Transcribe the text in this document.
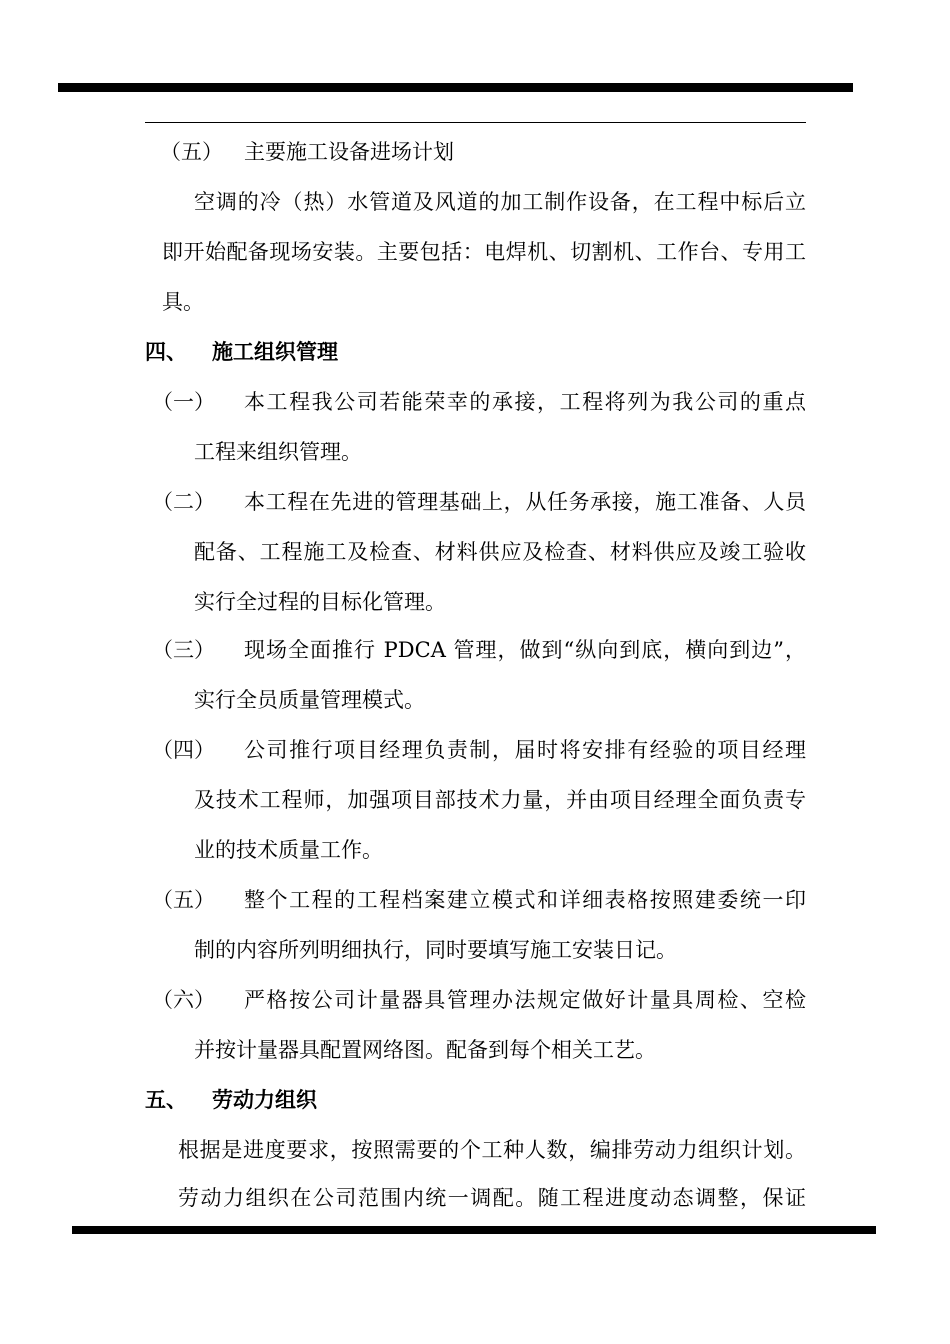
（五） 主要施工设备进场计划
空调的冷（热）水管道及风道的加工制作设备，在工程中标后立
即开始配备现场安装。主要包括：电焊机、切割机、工作台、专用工
具。
四、 施工组织管理
（一） 本工程我公司若能荣幸的承接，工程将列为我公司的重点
工程来组织管理。
（二） 本工程在先进的管理基础上，从任务承接，施工准备、人员
配备、工程施工及检查、材料供应及检查、材料供应及竣工验收
实行全过程的目标化管理。
（三） 现场全面推行 PDCA 管理，做到“纵向到底，横向到边”，
实行全员质量管理模式。
（四） 公司推行项目经理负责制，届时将安排有经验的项目经理
及技术工程师，加强项目部技术力量，并由项目经理全面负责专
业的技术质量工作。
（五） 整个工程的工程档案建立模式和详细表格按照建委统一印
制的内容所列明细执行，同时要填写施工安装日记。
（六） 严格按公司计量器具管理办法规定做好计量具周检、空检
并按计量器具配置网络图。配备到每个相关工艺。
五、 劳动力组织
根据是进度要求，按照需要的个工种人数，编排劳动力组织计划。
劳动力组织在公司范围内统一调配。随工程进度动态调整，保证
